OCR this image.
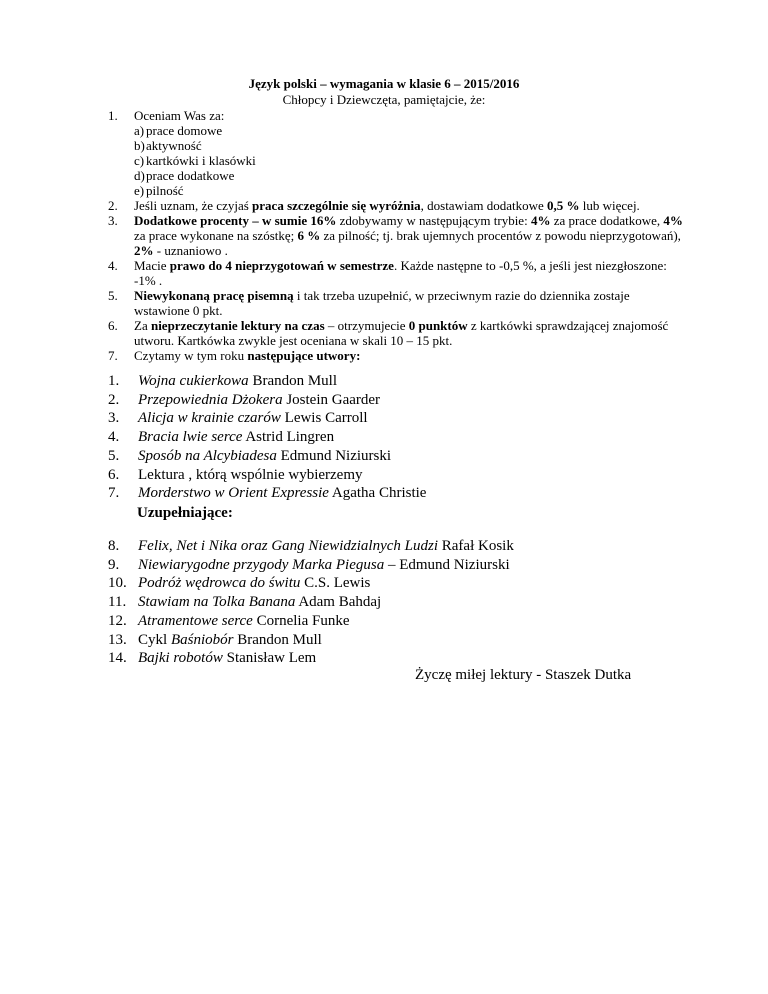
Język polski – wymagania w klasie 6 – 2015/2016
Chłopcy i Dziewczęta, pamiętajcie, że:
1. Oceniam Was za:
a) prace domowe
b) aktywność
c) kartkówki i klasówki
d) prace dodatkowe
e) pilność
2. Jeśli uznam, że czyjaś praca szczególnie się wyróżnia, dostawiam dodatkowe 0,5 % lub więcej.
3. Dodatkowe procenty – w sumie 16% zdobywamy w następującym trybie: 4% za prace dodatkowe, 4% za prace wykonane na szóstkę; 6 % za pilność; tj. brak ujemnych procentów z powodu nieprzygotowań), 2% - uznaniowo .
4. Macie prawo do 4 nieprzygotowań w semestrze. Każde następne to -0,5 %, a jeśli jest niezgłoszone: -1% .
5. Niewykonaną pracę pisemną i tak trzeba uzupełnić, w przeciwnym razie do dziennika zostaje wstawione 0 pkt.
6. Za nieprzeczytanie lektury na czas – otrzymujecie 0 punktów z kartkówki sprawdzającej znajomość utworu. Kartkówka zwykle jest oceniana w skali 10 – 15 pkt.
7. Czytamy w tym roku następujące utwory:
1. Wojna cukierkowa Brandon Mull
2. Przepowiednia Dżokera Jostein Gaarder
3. Alicja w krainie czarów Lewis Carroll
4. Bracia lwie serce Astrid Lingren
5. Sposób na Alcybiadesa Edmund Niziurski
6. Lektura , którą wspólnie wybierzemy
7. Morderstwo w Orient Expressie Agatha Christie
Uzupełniające:
8. Felix, Net i Nika oraz Gang Niewidzialnych Ludzi Rafał Kosik
9. Niewiarygodne przygody Marka Piegusa – Edmund Niziurski
10. Podróż wędrowca do świtu C.S. Lewis
11. Stawiam na Tolka Banana Adam Bahdaj
12. Atramentowe serce Cornelia Funke
13. Cykl Baśniobór Brandon Mull
14. Bajki robotów Stanisław Lem
Życzę miłej lektury - Staszek Dutka
